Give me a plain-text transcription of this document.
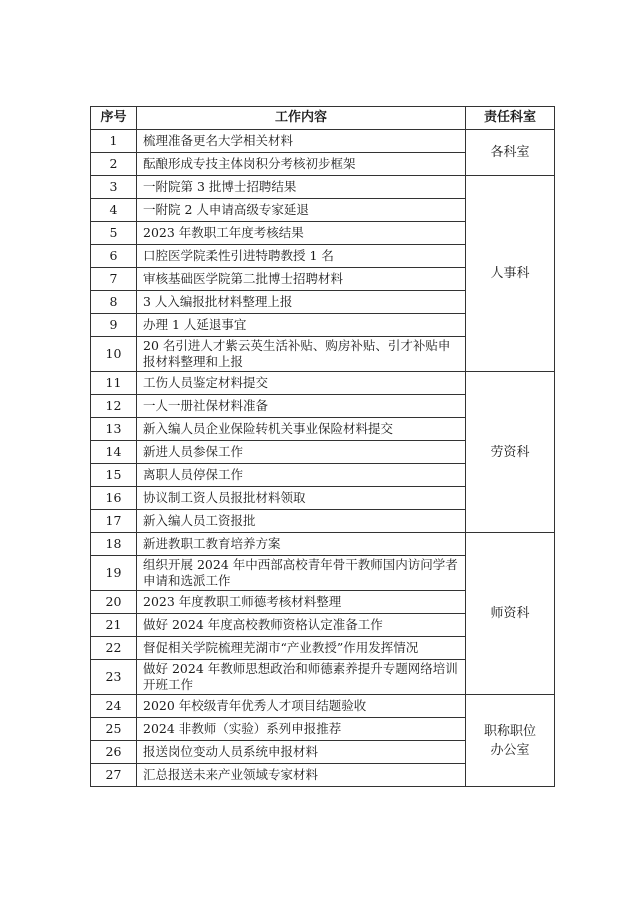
序号	工作内容	责任科室
1	梳理准备更名大学相关材料	各科室
2	酝酿形成专技主体岗积分考核初步框架	
3	一附院第 3 批博士招聘结果	人事科
4	一附院 2 人申请高级专家延退	
5	2023 年教职工年度考核结果	
6	口腔医学院柔性引进特聘教授 1 名	
7	审核基础医学院第二批博士招聘材料	
8	3 人入编报批材料整理上报	
9	办理 1 人延退事宜	
10	20 名引进人才紫云英生活补贴、购房补贴、引才补贴申报材料整理和上报	
11	工伤人员鉴定材料提交	劳资科
12	一人一册社保材料准备	
13	新入编人员企业保险转机关事业保险材料提交	
14	新进人员参保工作	
15	离职人员停保工作	
16	协议制工资人员报批材料领取	
17	新入编人员工资报批	
18	新进教职工教育培养方案	师资科
19	组织开展 2024 年中西部高校青年骨干教师国内访问学者申请和选派工作	
20	2023 年度教职工师德考核材料整理	
21	做好 2024 年度高校教师资格认定准备工作	
22	督促相关学院梳理芜湖市“产业教授”作用发挥情况	
23	做好 2024 年教师思想政治和师德素养提升专题网络培训开班工作	
24	2020 年校级青年优秀人才项目结题验收	职称职位办公室
25	2024 非教师（实验）系列申报推荐	
26	报送岗位变动人员系统申报材料	
27	汇总报送未来产业领域专家材料	
